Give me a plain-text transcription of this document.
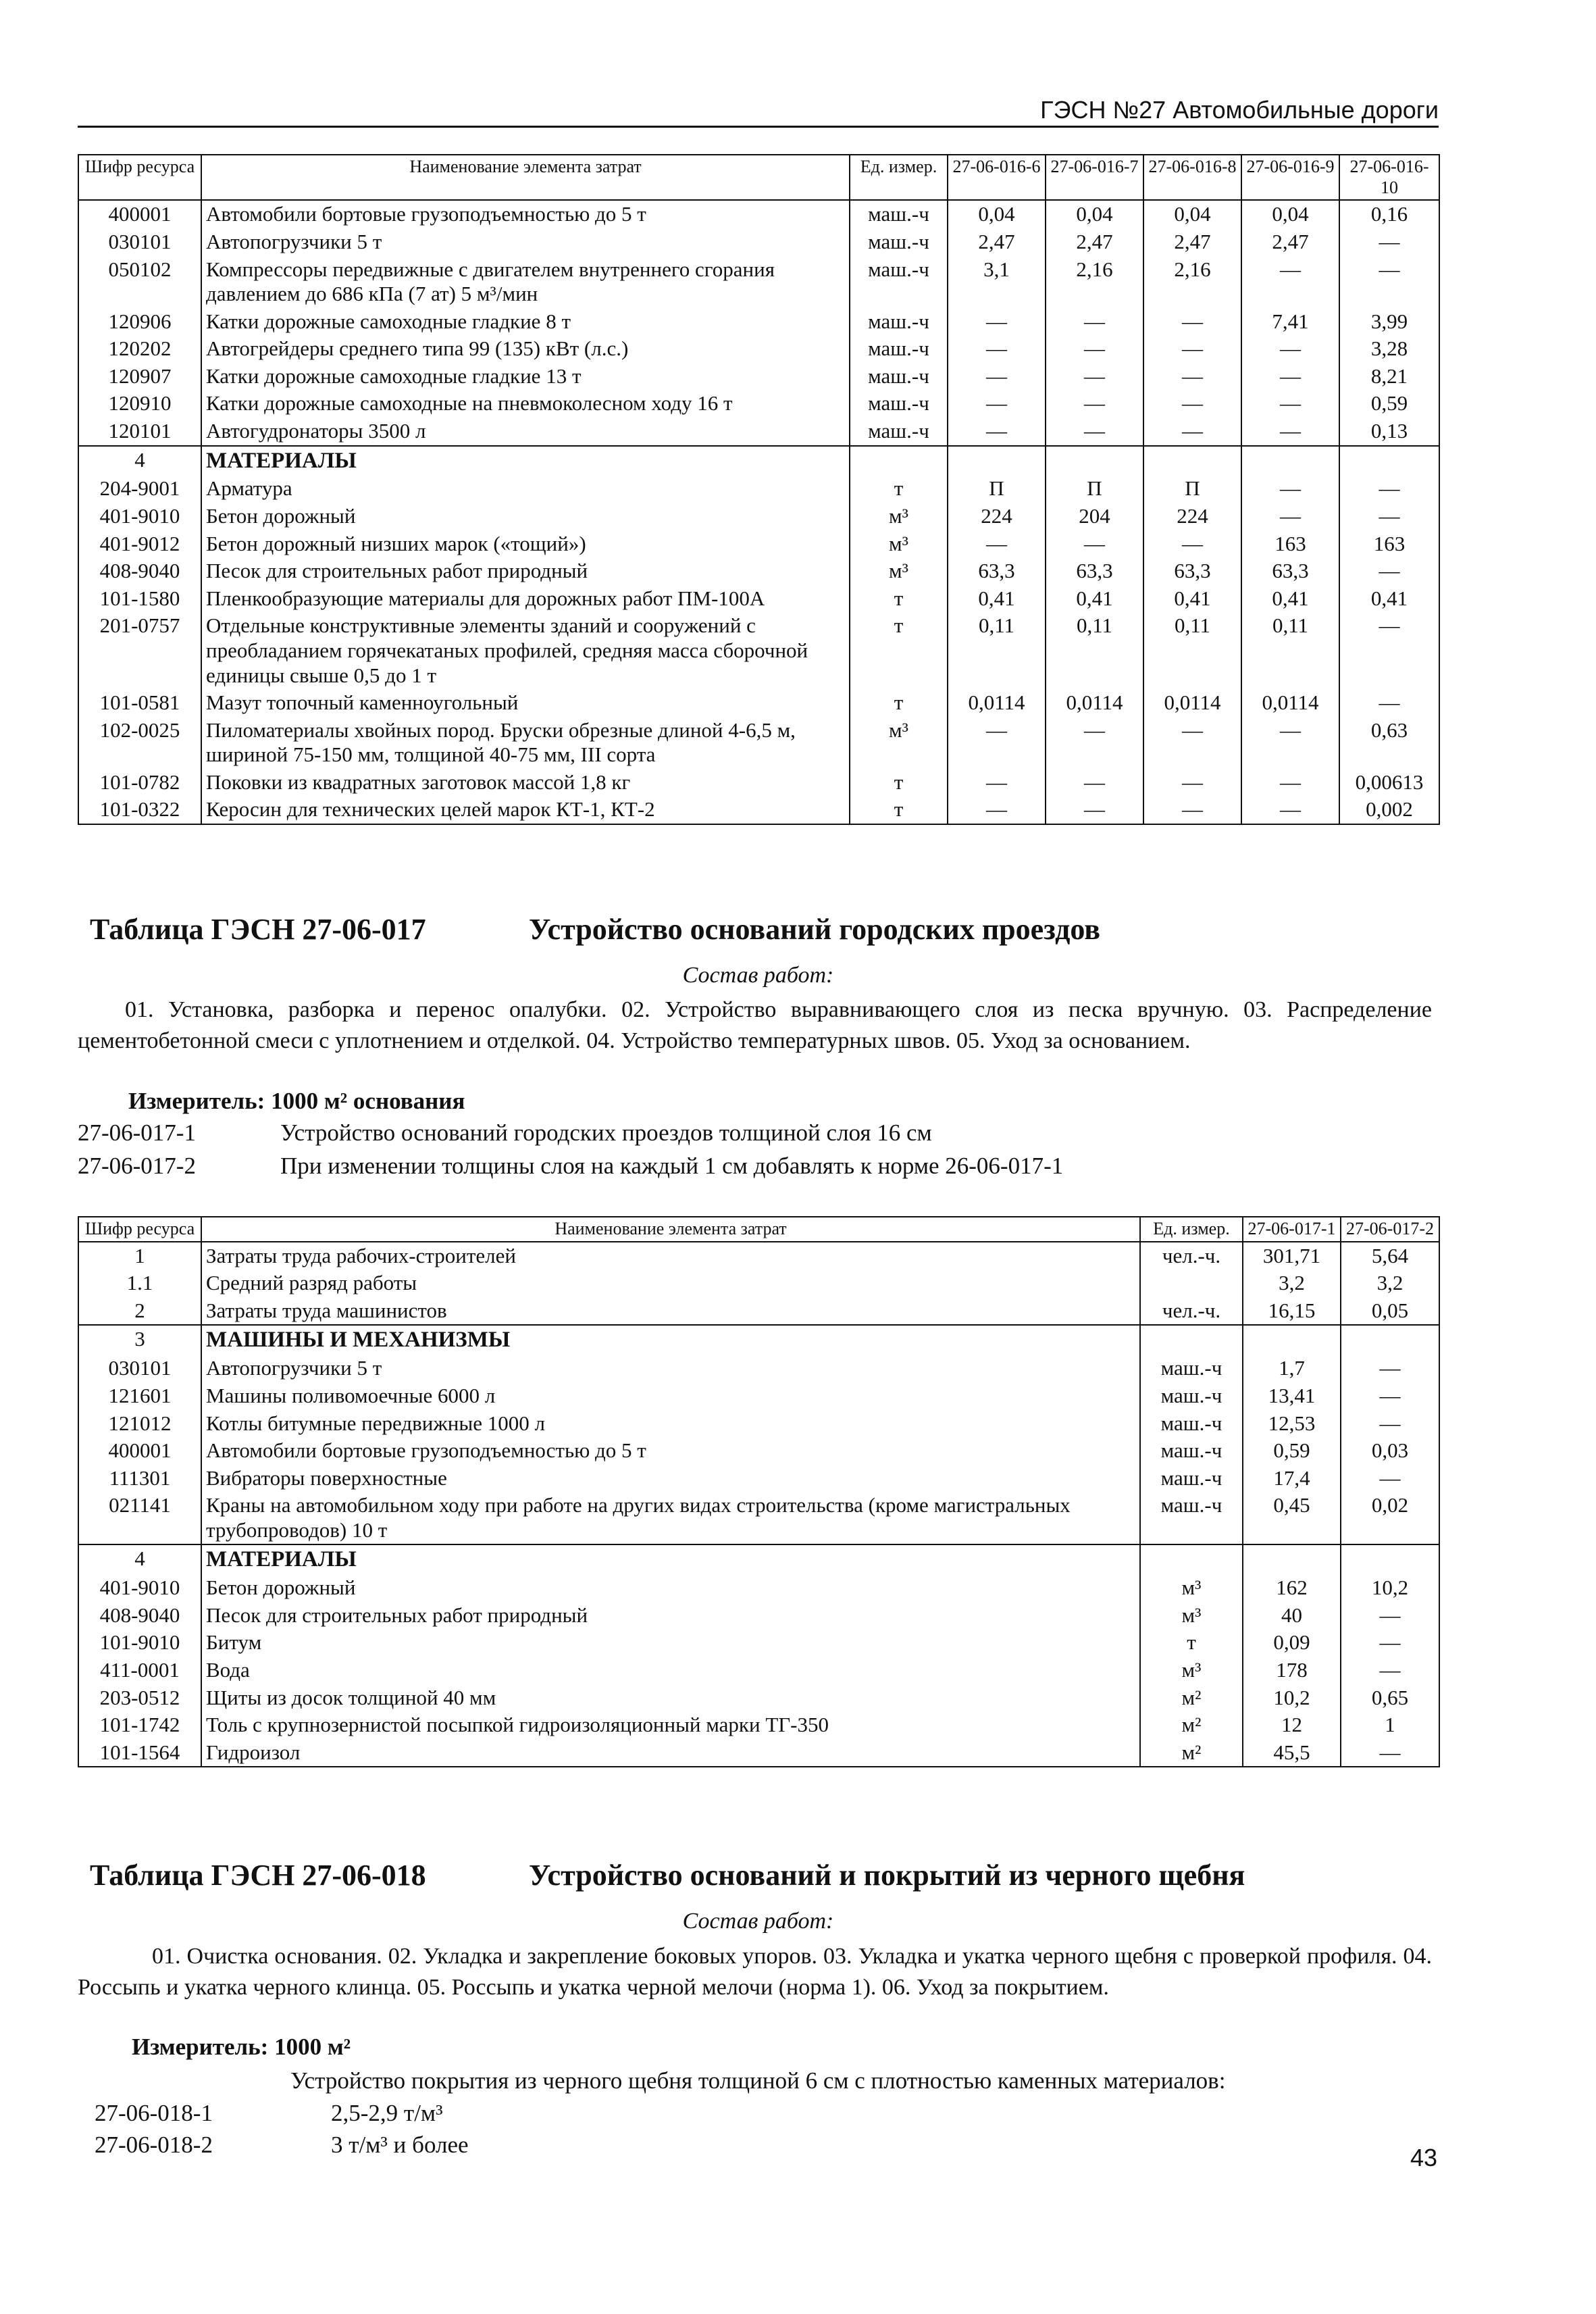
ГЭСН №27 Автомобильные дороги
Шифр ресурса	Наименование элемента затрат	Ед. измер.	27-06-016-6	27-06-016-7	27-06-016-8	27-06-016-9	27-06-016-10
400001	Автомобили бортовые грузоподъемностью до 5 т	маш.-ч	0,04	0,04	0,04	0,04	0,16
030101	Автопогрузчики 5 т	маш.-ч	2,47	2,47	2,47	2,47	—
050102	Компрессоры передвижные с двигателем внутреннего сгорания давлением до 686 кПа (7 ат) 5 м³/мин	маш.-ч	3,1	2,16	2,16	—	—
120906	Катки дорожные самоходные гладкие 8 т	маш.-ч	—	—	—	7,41	3,99
120202	Автогрейдеры среднего типа 99 (135) кВт (л.с.)	маш.-ч	—	—	—	—	3,28
120907	Катки дорожные самоходные гладкие 13 т	маш.-ч	—	—	—	—	8,21
120910	Катки дорожные самоходные на пневмоколесном ходу 16 т	маш.-ч	—	—	—	—	0,59
120101	Автогудронаторы 3500 л	маш.-ч	—	—	—	—	0,13
4	МАТЕРИАЛЫ						
204-9001	Арматура	т	П	П	П	—	—
401-9010	Бетон дорожный	м³	224	204	224	—	—
401-9012	Бетон дорожный низших марок («тощий»)	м³	—	—	—	163	163
408-9040	Песок для строительных работ природный	м³	63,3	63,3	63,3	63,3	—
101-1580	Пленкообразующие материалы для дорожных работ ПМ-100А	т	0,41	0,41	0,41	0,41	0,41
201-0757	Отдельные конструктивные элементы зданий и сооружений с преобладанием горячекатаных профилей, средняя масса сборочной единицы свыше 0,5 до 1 т	т	0,11	0,11	0,11	0,11	—
101-0581	Мазут топочный каменноугольный	т	0,0114	0,0114	0,0114	0,0114	—
102-0025	Пиломатериалы хвойных пород. Бруски обрезные длиной 4-6,5 м, шириной 75-150 мм, толщиной 40-75 мм, III сорта	м³	—	—	—	—	0,63
101-0782	Поковки из квадратных заготовок массой 1,8 кг	т	—	—	—	—	0,00613
101-0322	Керосин для технических целей марок КТ-1, КТ-2	т	—	—	—	—	0,002
Таблица ГЭСН 27-06-017	Устройство оснований городских проездов
Состав работ:
01. Установка, разборка и перенос опалубки. 02. Устройство выравнивающего слоя из песка вручную. 03. Распределение цементобетонной смеси с уплотнением и отделкой. 04. Устройство температурных швов. 05. Уход за основанием.
Измеритель: 1000 м² основания
27-06-017-1	Устройство оснований городских проездов толщиной слоя 16 см
27-06-017-2	При изменении толщины слоя на каждый 1 см добавлять к норме 26-06-017-1
Шифр ресурса	Наименование элемента затрат	Ед. измер.	27-06-017-1	27-06-017-2
1	Затраты труда рабочих-строителей	чел.-ч.	301,71	5,64
1.1	Средний разряд работы		3,2	3,2
2	Затраты труда машинистов	чел.-ч.	16,15	0,05
3	МАШИНЫ И МЕХАНИЗМЫ			
030101	Автопогрузчики 5 т	маш.-ч	1,7	—
121601	Машины поливомоечные 6000 л	маш.-ч	13,41	—
121012	Котлы битумные передвижные 1000 л	маш.-ч	12,53	—
400001	Автомобили бортовые грузоподъемностью до 5 т	маш.-ч	0,59	0,03
111301	Вибраторы поверхностные	маш.-ч	17,4	—
021141	Краны на автомобильном ходу при работе на других видах строительства (кроме магистральных трубопроводов) 10 т	маш.-ч	0,45	0,02
4	МАТЕРИАЛЫ			
401-9010	Бетон дорожный	м³	162	10,2
408-9040	Песок для строительных работ природный	м³	40	—
101-9010	Битум	т	0,09	—
411-0001	Вода	м³	178	—
203-0512	Щиты из досок толщиной 40 мм	м²	10,2	0,65
101-1742	Толь с крупнозернистой посыпкой гидроизоляционный марки ТГ-350	м²	12	1
101-1564	Гидроизол	м²	45,5	—
Таблица ГЭСН 27-06-018	Устройство оснований и покрытий из черного щебня
Состав работ:
01. Очистка основания. 02. Укладка и закрепление боковых упоров. 03. Укладка и укатка черного щебня с проверкой профиля. 04. Россыпь и укатка черного клинца. 05. Россыпь и укатка черной мелочи (норма 1). 06. Уход за покрытием.
Измеритель: 1000 м²
Устройство покрытия из черного щебня толщиной 6 см с плотностью каменных материалов:
27-06-018-1	2,5-2,9 т/м³
27-06-018-2	3 т/м³ и более	43
